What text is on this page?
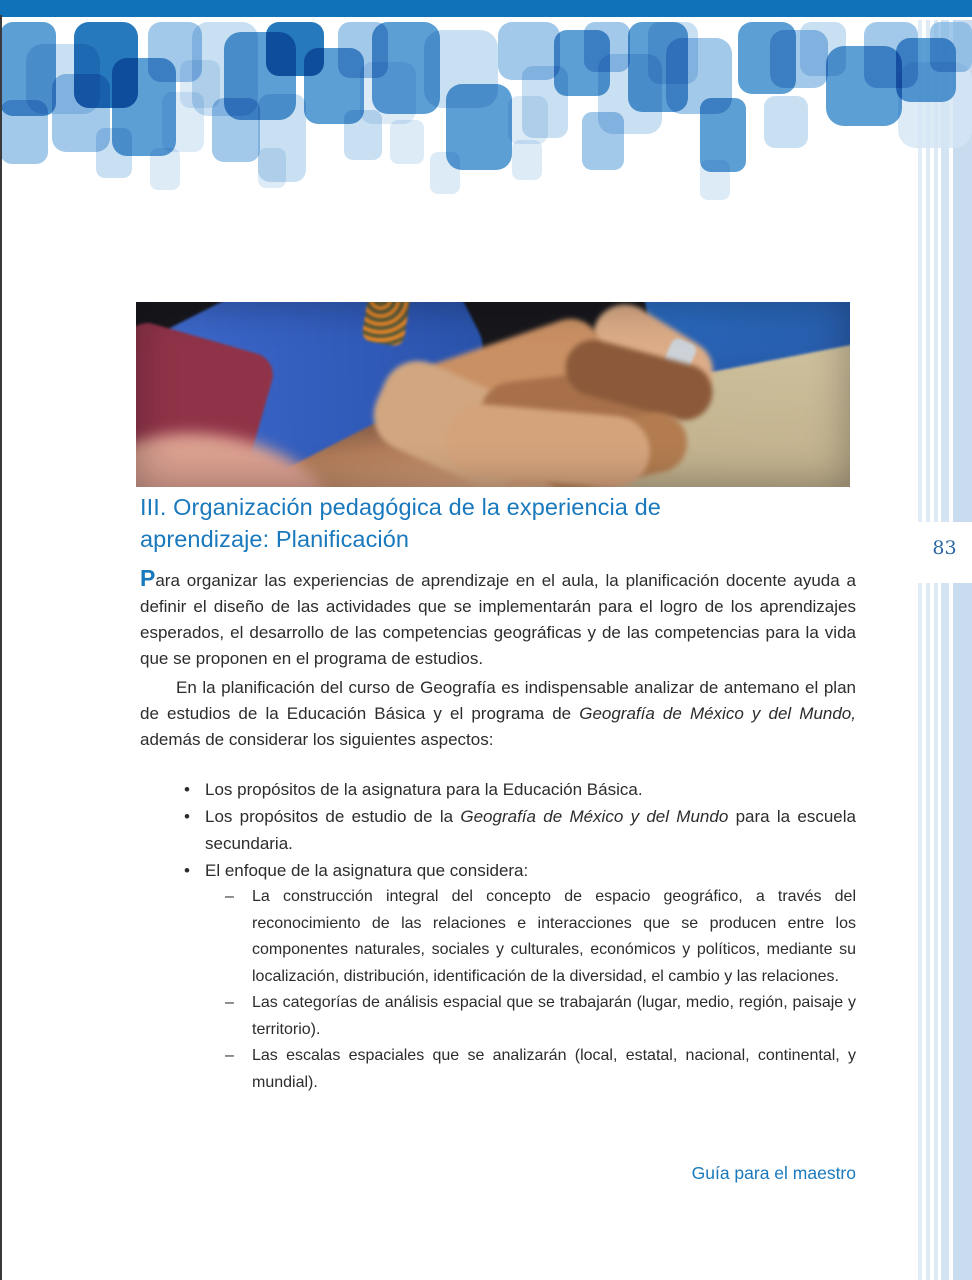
III. Organización pedagógica de la experiencia de
aprendizaje: Planificación

Para organizar las experiencias de aprendizaje en el aula, la planificación docente ayuda a definir el diseño de las actividades que se implementarán para el logro de los aprendizajes esperados, el desarrollo de las competencias geográficas y de las competencias para la vida que se proponen en el programa de estudios.

En la planificación del curso de Geografía es indispensable analizar de antemano el plan de estudios de la Educación Básica y el programa de Geografía de México y del Mundo, además de considerar los siguientes aspectos:

• Los propósitos de la asignatura para la Educación Básica.
• Los propósitos de estudio de la Geografía de México y del Mundo para la escuela secundaria.
• El enfoque de la asignatura que considera:
– La construcción integral del concepto de espacio geográfico, a través del reconocimiento de las relaciones e interacciones que se producen entre los componentes naturales, sociales y culturales, económicos y políticos, mediante su localización, distribución, identificación de la diversidad, el cambio y las relaciones.
– Las categorías de análisis espacial que se trabajarán (lugar, medio, región, paisaje y territorio).
– Las escalas espaciales que se analizarán (local, estatal, nacional, continental, y mundial).
83
Guía para el maestro
